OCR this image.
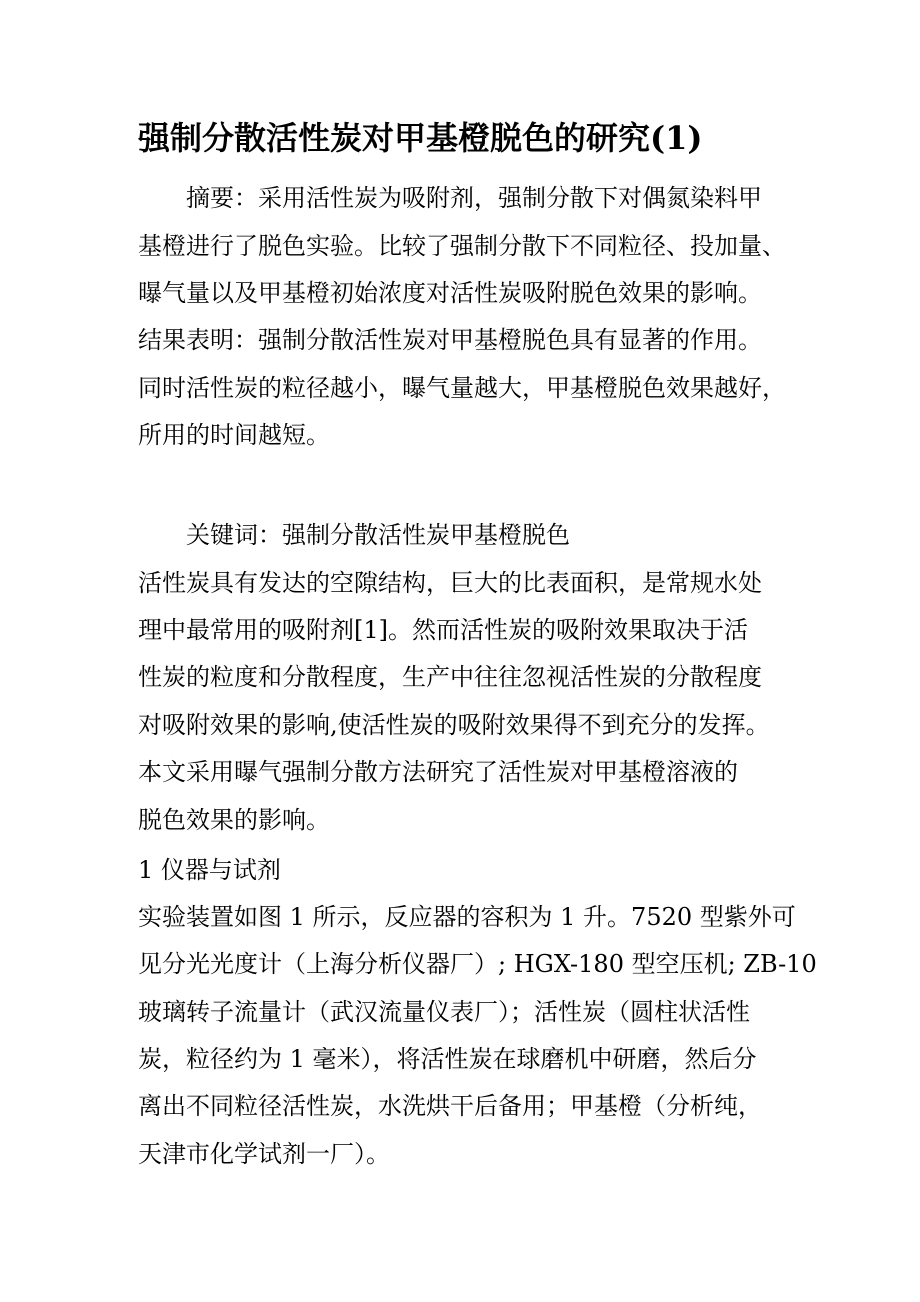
强制分散活性炭对甲基橙脱色的研究(1)

摘要：采用活性炭为吸附剂，强制分散下对偶氮染料甲

基橙进行了脱色实验。比较了强制分散下不同粒径、投加量、

曝气量以及甲基橙初始浓度对活性炭吸附脱色效果的影响。

结果表明：强制分散活性炭对甲基橙脱色具有显著的作用。

同时活性炭的粒径越小，曝气量越大，甲基橙脱色效果越好，

所用的时间越短。

关键词：强制分散活性炭甲基橙脱色

活性炭具有发达的空隙结构，巨大的比表面积，是常规水处

理中最常用的吸附剂[1]。然而活性炭的吸附效果取决于活

性炭的粒度和分散程度，生产中往往忽视活性炭的分散程度

对吸附效果的影响,使活性炭的吸附效果得不到充分的发挥。

本文采用曝气强制分散方法研究了活性炭对甲基橙溶液的

脱色效果的影响。

1 仪器与试剂

实验装置如图 1 所示，反应器的容积为 1 升。7520 型紫外可

见分光光度计（上海分析仪器厂）; HGX-180 型空压机; ZB-10

玻璃转子流量计（武汉流量仪表厂）；活性炭（圆柱状活性

炭，粒径约为 1 毫米），将活性炭在球磨机中研磨，然后分

离出不同粒径活性炭，水洗烘干后备用；甲基橙（分析纯，

天津市化学试剂一厂）。
